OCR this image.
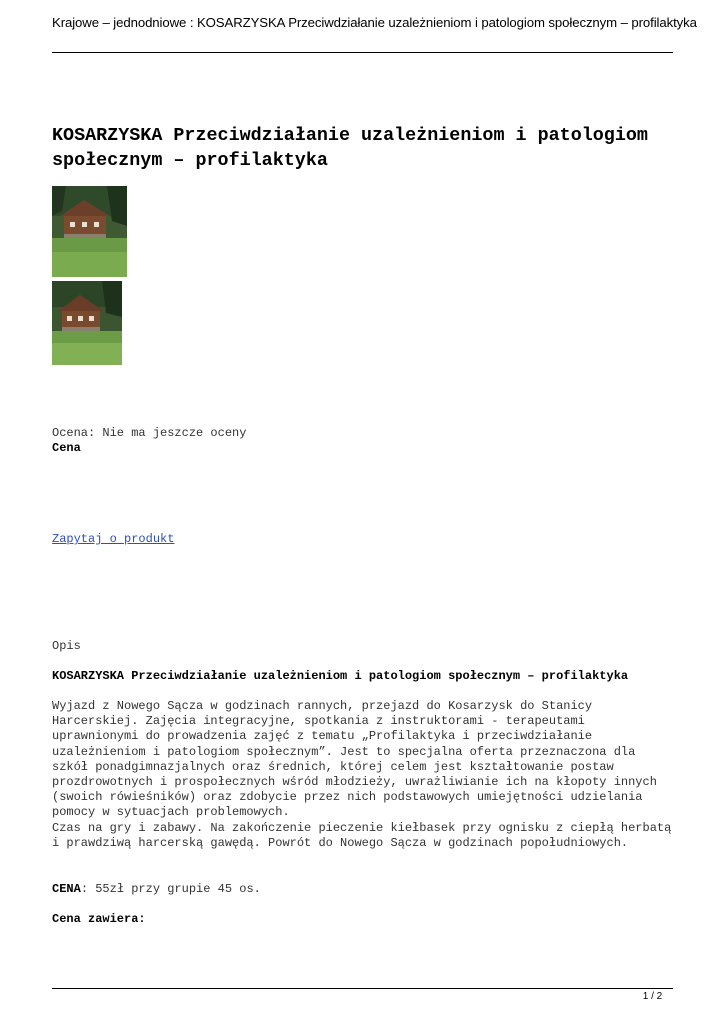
Krajowe – jednodniowe : KOSARZYSKA Przeciwdziałanie uzależnieniom i patologiom społecznym – profilaktyka
KOSARZYSKA Przeciwdziałanie uzależnieniom i patologiom społecznym – profilaktyka
Ocena: Nie ma jeszcze oceny
Cena
Zapytaj o produkt
Opis
KOSARZYSKA Przeciwdziałanie uzależnieniom i patologiom społecznym – profilaktyka

Wyjazd z Nowego Sącza w godzinach rannych, przejazd do Kosarzysk do Stanicy Harcerskiej. Zajęcia integracyjne, spotkania z instruktorami - terapeutami uprawnionymi do prowadzenia zajęć z tematu „Profilaktyka i przeciwdziałanie uzależnieniom i patologiom społecznym”. Jest to specjalna oferta przeznaczona dla szkół ponadgimnazjalnych oraz średnich, której celem jest kształtowanie postaw prozdrowotnych i prospołecznych wśród młodzieży, uwrażliwianie ich na kłopoty innych (swoich rówieśników) oraz zdobycie przez nich podstawowych umiejętności udzielania pomocy w sytuacjach problemowych.

Czas na gry i zabawy. Na zakończenie pieczenie kiełbasek przy ognisku z ciepłą herbatą i prawdziwą harcerską gawędą. Powrót do Nowego Sącza w godzinach popołudniowych.

CENA: 55zł przy grupie 45 os.
Cena zawiera:
1 / 2
